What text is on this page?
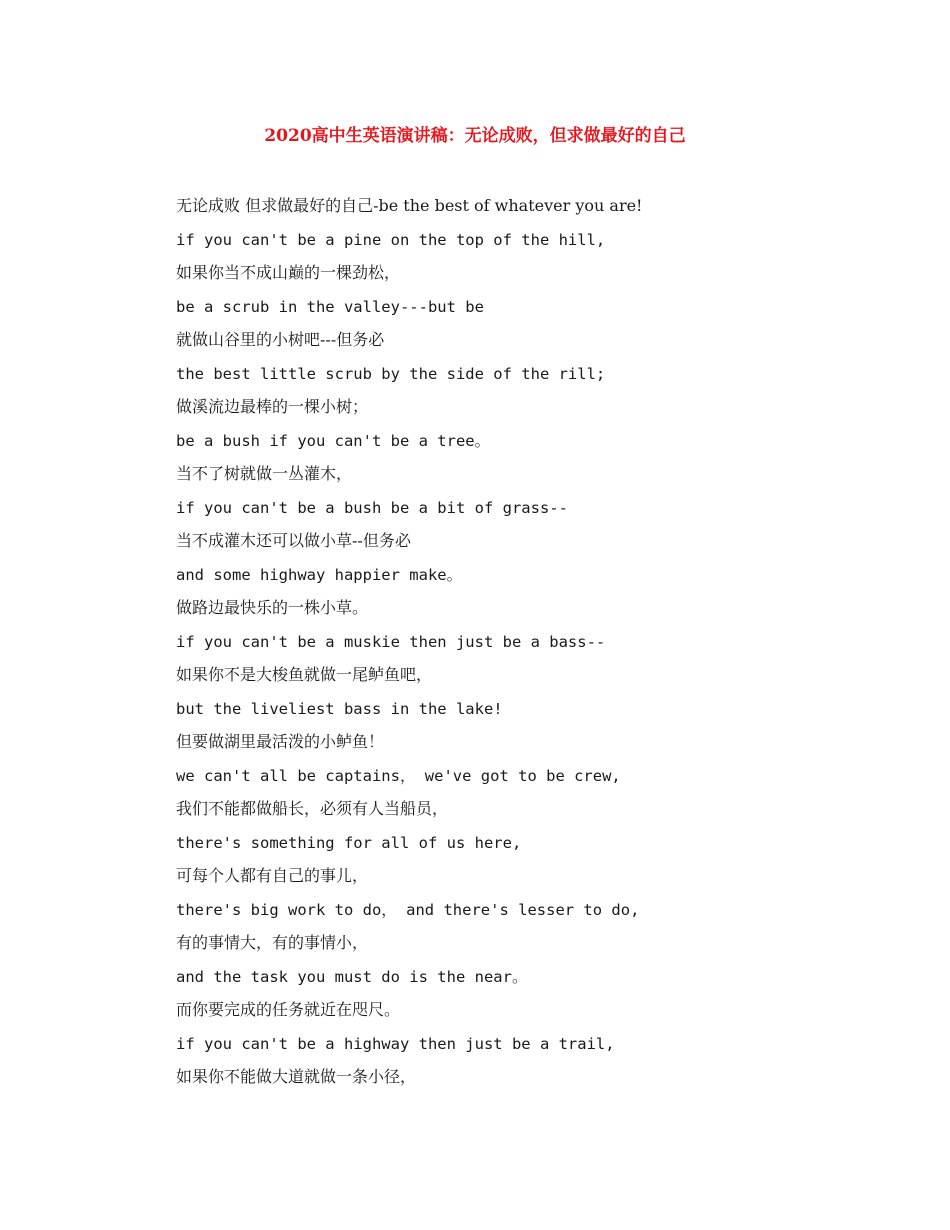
2020高中生英语演讲稿：无论成败，但求做最好的自己
无论成败 但求做最好的自己-be the best of whatever you are!
if you can't be a pine on the top of the hill,
如果你当不成山巅的一棵劲松，
be a scrub in the valley---but be
就做山谷里的小树吧---但务必
the best little scrub by the side of the rill;
做溪流边最棒的一棵小树；
be a bush if you can't be a tree。
当不了树就做一丛灌木，
if you can't be a bush be a bit of grass--
当不成灌木还可以做小草--但务必
and some highway happier make。
做路边最快乐的一株小草。
if you can't be a muskie then just be a bass--
如果你不是大梭鱼就做一尾鲈鱼吧，
but the liveliest bass in the lake!
但要做湖里最活泼的小鲈鱼！
we can't all be captains， we've got to be crew,
我们不能都做船长，必须有人当船员，
there's something for all of us here,
可每个人都有自己的事儿，
there's big work to do， and there's lesser to do,
有的事情大，有的事情小，
and the task you must do is the near。
而你要完成的任务就近在咫尺。
if you can't be a highway then just be a trail,
如果你不能做大道就做一条小径，
